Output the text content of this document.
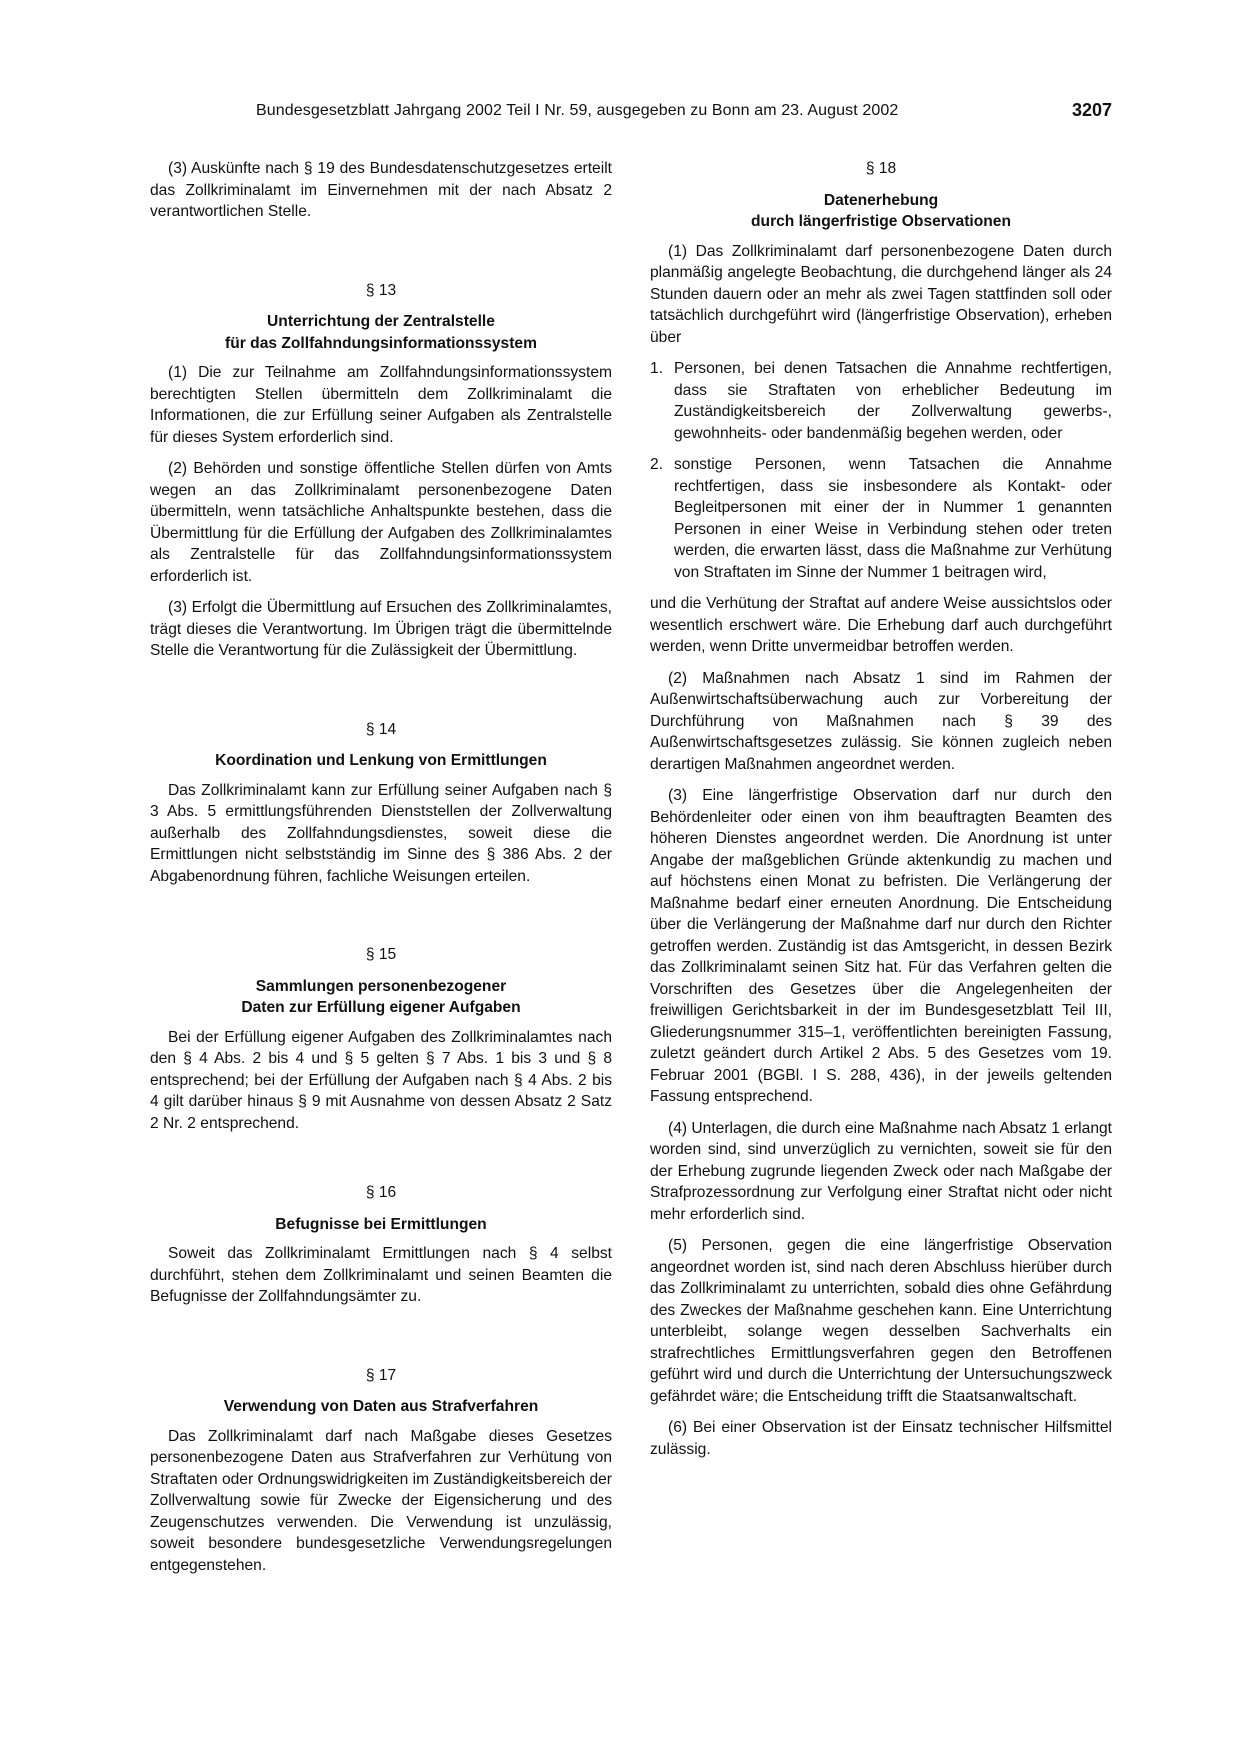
Bundesgesetzblatt Jahrgang 2002 Teil I Nr. 59, ausgegeben zu Bonn am 23. August 2002	3207

(3) Auskünfte nach § 19 des Bundesdatenschutzgesetzes erteilt das Zollkriminalamt im Einvernehmen mit der nach Absatz 2 verantwortlichen Stelle.

§ 13
Unterrichtung der Zentralstelle
für das Zollfahndungsinformationssystem

(1) Die zur Teilnahme am Zollfahndungsinformationssystem berechtigten Stellen übermitteln dem Zollkriminalamt die Informationen, die zur Erfüllung seiner Aufgaben als Zentralstelle für dieses System erforderlich sind.

(2) Behörden und sonstige öffentliche Stellen dürfen von Amts wegen an das Zollkriminalamt personenbezogene Daten übermitteln, wenn tatsächliche Anhaltspunkte bestehen, dass die Übermittlung für die Erfüllung der Aufgaben des Zollkriminalamtes als Zentralstelle für das Zollfahndungsinformationssystem erforderlich ist.

(3) Erfolgt die Übermittlung auf Ersuchen des Zollkriminalamtes, trägt dieses die Verantwortung. Im Übrigen trägt die übermittelnde Stelle die Verantwortung für die Zulässigkeit der Übermittlung.

§ 14
Koordination und Lenkung von Ermittlungen

Das Zollkriminalamt kann zur Erfüllung seiner Aufgaben nach § 3 Abs. 5 ermittlungsführenden Dienststellen der Zollverwaltung außerhalb des Zollfahndungsdienstes, soweit diese die Ermittlungen nicht selbstständig im Sinne des § 386 Abs. 2 der Abgabenordnung führen, fachliche Weisungen erteilen.

§ 15
Sammlungen personenbezogener
Daten zur Erfüllung eigener Aufgaben

Bei der Erfüllung eigener Aufgaben des Zollkriminalamtes nach den § 4 Abs. 2 bis 4 und § 5 gelten § 7 Abs. 1 bis 3 und § 8 entsprechend; bei der Erfüllung der Aufgaben nach § 4 Abs. 2 bis 4 gilt darüber hinaus § 9 mit Ausnahme von dessen Absatz 2 Satz 2 Nr. 2 entsprechend.

§ 16
Befugnisse bei Ermittlungen

Soweit das Zollkriminalamt Ermittlungen nach § 4 selbst durchführt, stehen dem Zollkriminalamt und seinen Beamten die Befugnisse der Zollfahndungsämter zu.

§ 17
Verwendung von Daten aus Strafverfahren

Das Zollkriminalamt darf nach Maßgabe dieses Gesetzes personenbezogene Daten aus Strafverfahren zur Verhütung von Straftaten oder Ordnungswidrigkeiten im Zuständigkeitsbereich der Zollverwaltung sowie für Zwecke der Eigensicherung und des Zeugenschutzes verwenden. Die Verwendung ist unzulässig, soweit besondere bundesgesetzliche Verwendungsregelungen entgegenstehen.

§ 18
Datenerhebung
durch längerfristige Observationen

(1) Das Zollkriminalamt darf personenbezogene Daten durch planmäßig angelegte Beobachtung, die durchgehend länger als 24 Stunden dauern oder an mehr als zwei Tagen stattfinden soll oder tatsächlich durchgeführt wird (längerfristige Observation), erheben über

1. Personen, bei denen Tatsachen die Annahme rechtfertigen, dass sie Straftaten von erheblicher Bedeutung im Zuständigkeitsbereich der Zollverwaltung gewerbs-, gewohnheits- oder bandenmäßig begehen werden, oder
2. sonstige Personen, wenn Tatsachen die Annahme rechtfertigen, dass sie insbesondere als Kontakt- oder Begleitpersonen mit einer der in Nummer 1 genannten Personen in einer Weise in Verbindung stehen oder treten werden, die erwarten lässt, dass die Maßnahme zur Verhütung von Straftaten im Sinne der Nummer 1 beitragen wird,

und die Verhütung der Straftat auf andere Weise aussichtslos oder wesentlich erschwert wäre. Die Erhebung darf auch durchgeführt werden, wenn Dritte unvermeidbar betroffen werden.

(2) Maßnahmen nach Absatz 1 sind im Rahmen der Außenwirtschaftsüberwachung auch zur Vorbereitung der Durchführung von Maßnahmen nach § 39 des Außenwirtschaftsgesetzes zulässig. Sie können zugleich neben derartigen Maßnahmen angeordnet werden.

(3) Eine längerfristige Observation darf nur durch den Behördenleiter oder einen von ihm beauftragten Beamten des höheren Dienstes angeordnet werden. Die Anordnung ist unter Angabe der maßgeblichen Gründe aktenkundig zu machen und auf höchstens einen Monat zu befristen. Die Verlängerung der Maßnahme bedarf einer erneuten Anordnung. Die Entscheidung über die Verlängerung der Maßnahme darf nur durch den Richter getroffen werden. Zuständig ist das Amtsgericht, in dessen Bezirk das Zollkriminalamt seinen Sitz hat. Für das Verfahren gelten die Vorschriften des Gesetzes über die Angelegenheiten der freiwilligen Gerichtsbarkeit in der im Bundesgesetzblatt Teil III, Gliederungsnummer 315–1, veröffentlichten bereinigten Fassung, zuletzt geändert durch Artikel 2 Abs. 5 des Gesetzes vom 19. Februar 2001 (BGBl. I S. 288, 436), in der jeweils geltenden Fassung entsprechend.

(4) Unterlagen, die durch eine Maßnahme nach Absatz 1 erlangt worden sind, sind unverzüglich zu vernichten, soweit sie für den der Erhebung zugrunde liegenden Zweck oder nach Maßgabe der Strafprozessordnung zur Verfolgung einer Straftat nicht oder nicht mehr erforderlich sind.

(5) Personen, gegen die eine längerfristige Observation angeordnet worden ist, sind nach deren Abschluss hierüber durch das Zollkriminalamt zu unterrichten, sobald dies ohne Gefährdung des Zweckes der Maßnahme geschehen kann. Eine Unterrichtung unterbleibt, solange wegen desselben Sachverhalts ein strafrechtliches Ermittlungsverfahren gegen den Betroffenen geführt wird und durch die Unterrichtung der Untersuchungszweck gefährdet wäre; die Entscheidung trifft die Staatsanwaltschaft.

(6) Bei einer Observation ist der Einsatz technischer Hilfsmittel zulässig.
